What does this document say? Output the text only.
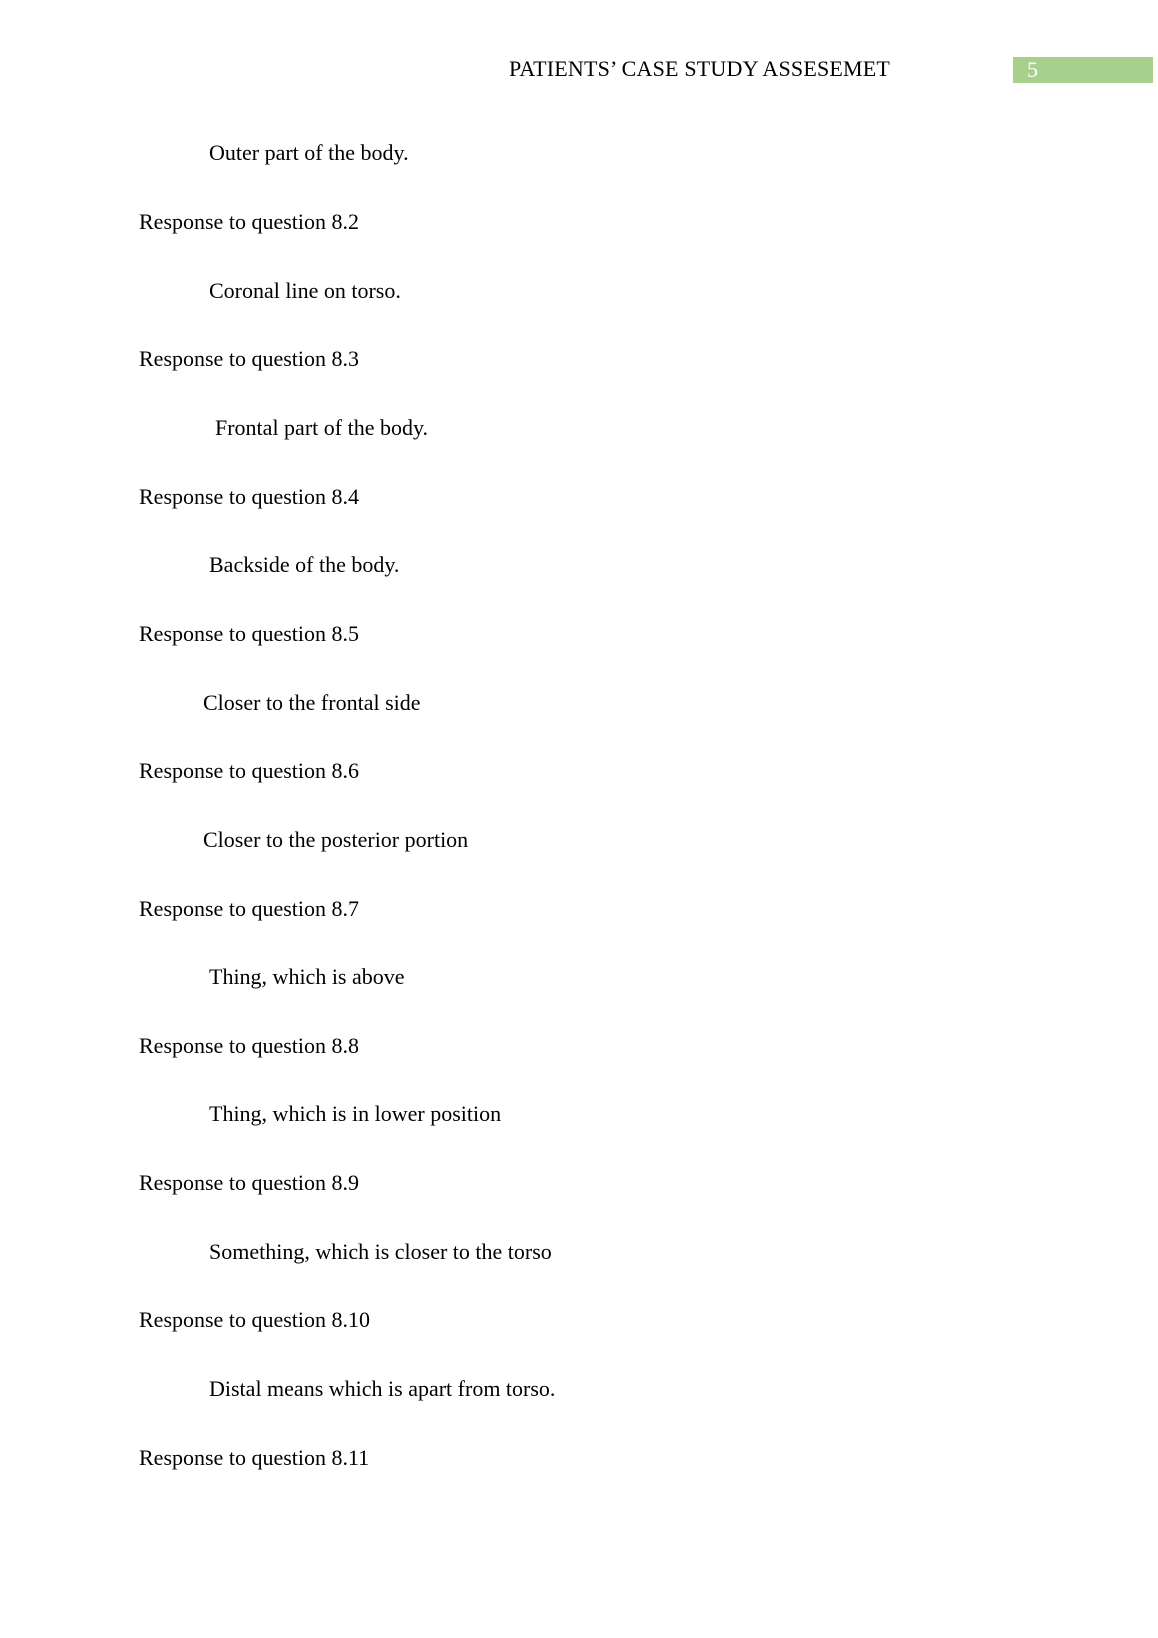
PATIENTS’ CASE STUDY ASSESEMET	5
Outer part of the body.
Response to question 8.2
Coronal line on torso.
Response to question 8.3
Frontal part of the body.
Response to question 8.4
Backside of the body.
Response to question 8.5
Closer to the frontal side
Response to question 8.6
Closer to the posterior portion
Response to question 8.7
Thing, which is above
Response to question 8.8
Thing, which is in lower position
Response to question 8.9
Something, which is closer to the torso
Response to question 8.10
Distal means which is apart from torso.
Response to question 8.11
